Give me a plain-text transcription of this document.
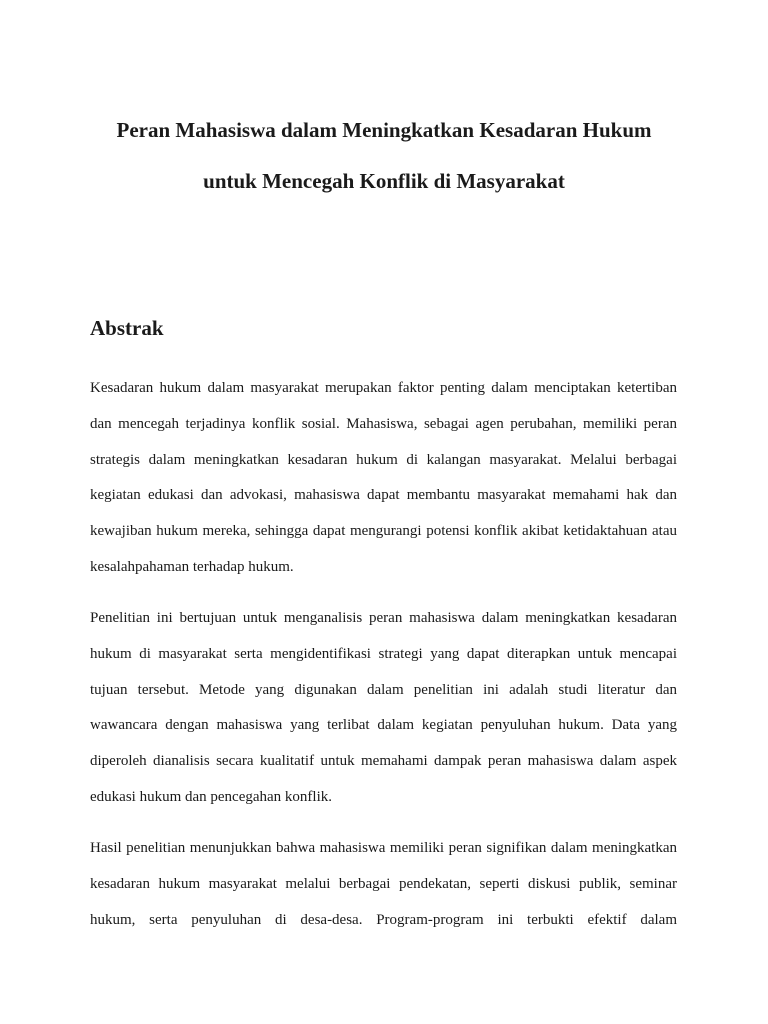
Peran Mahasiswa dalam Meningkatkan Kesadaran Hukum
untuk Mencegah Konflik di Masyarakat
Abstrak
Kesadaran hukum dalam masyarakat merupakan faktor penting dalam menciptakan ketertiban
dan mencegah terjadinya konflik sosial. Mahasiswa, sebagai agen perubahan, memiliki peran
strategis dalam meningkatkan kesadaran hukum di kalangan masyarakat. Melalui berbagai
kegiatan edukasi dan advokasi, mahasiswa dapat membantu masyarakat memahami hak dan
kewajiban hukum mereka, sehingga dapat mengurangi potensi konflik akibat ketidaktahuan atau
kesalahpahaman terhadap hukum.
Penelitian ini bertujuan untuk menganalisis peran mahasiswa dalam meningkatkan kesadaran
hukum di masyarakat serta mengidentifikasi strategi yang dapat diterapkan untuk mencapai
tujuan tersebut. Metode yang digunakan dalam penelitian ini adalah studi literatur dan
wawancara dengan mahasiswa yang terlibat dalam kegiatan penyuluhan hukum. Data yang
diperoleh dianalisis secara kualitatif untuk memahami dampak peran mahasiswa dalam aspek
edukasi hukum dan pencegahan konflik.
Hasil penelitian menunjukkan bahwa mahasiswa memiliki peran signifikan dalam meningkatkan
kesadaran hukum masyarakat melalui berbagai pendekatan, seperti diskusi publik, seminar
hukum, serta penyuluhan di desa-desa. Program-program ini terbukti efektif dalam
